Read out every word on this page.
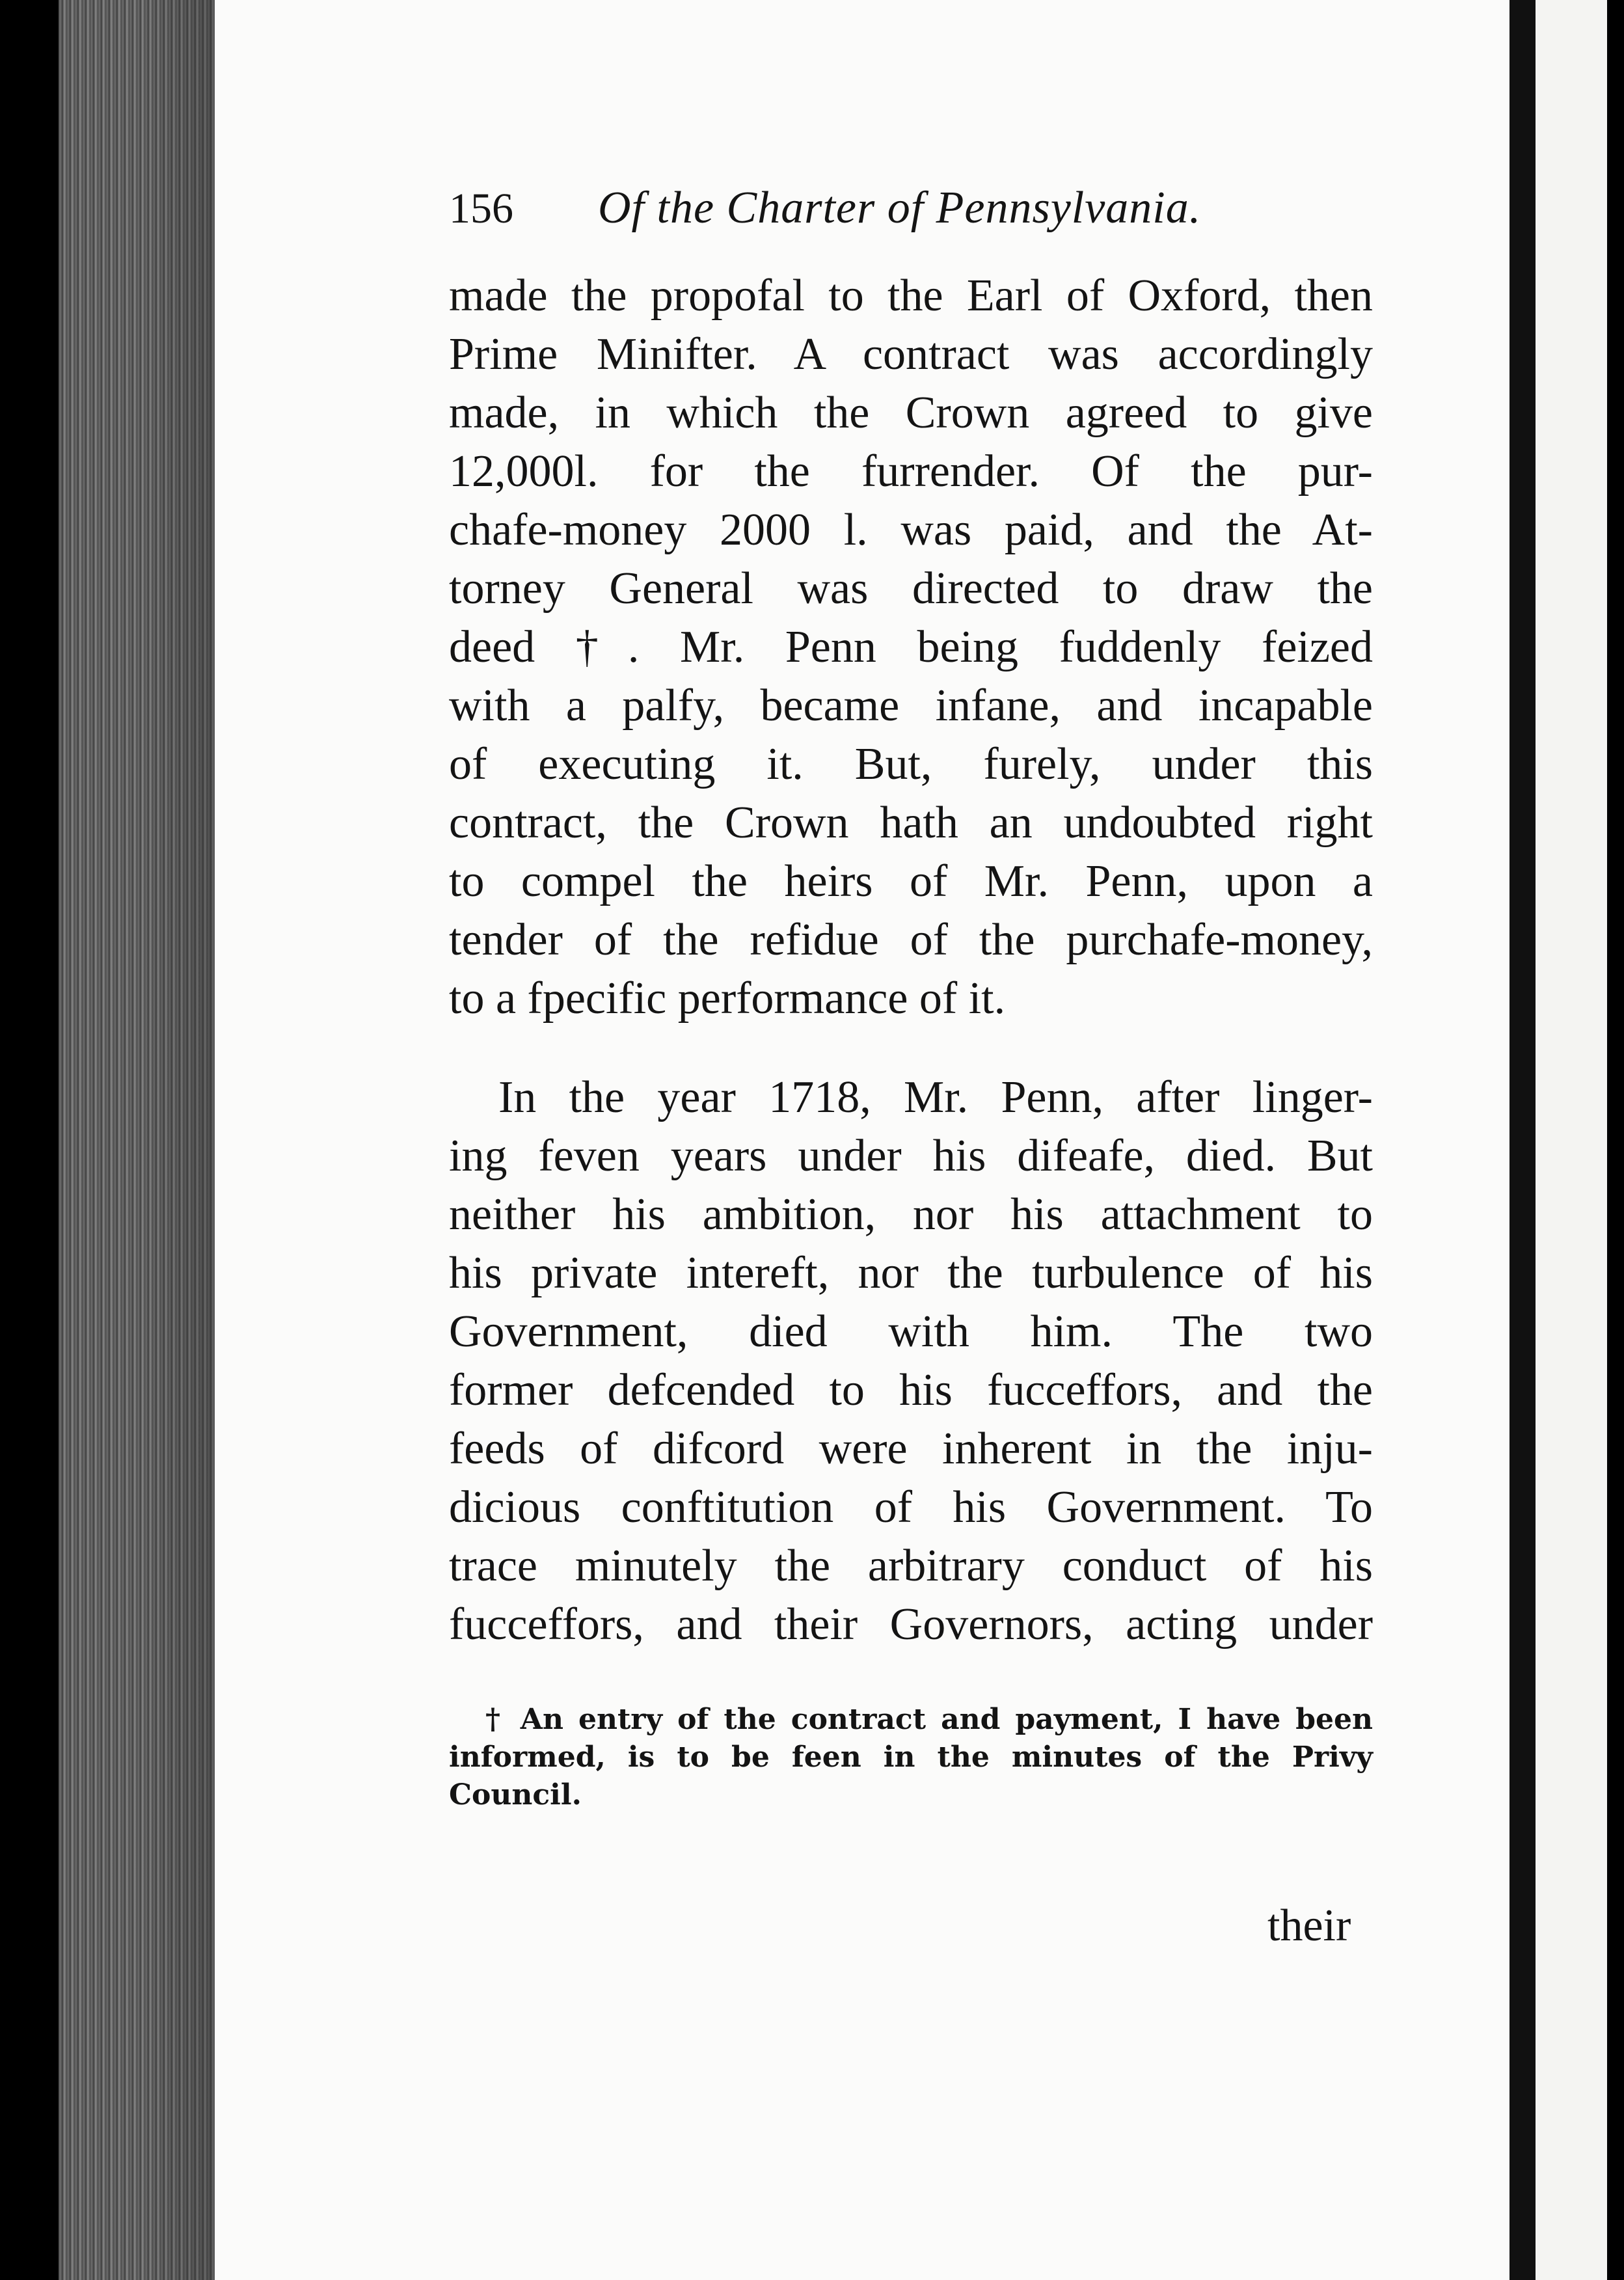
156 Of the Charter of Pennsylvania.
made the propofal to the Earl of Oxford, then
Prime Minifter. A contract was accordingly
made, in which the Crown agreed to give
12,000l. for the furrender. Of the pur-
chafe-money 2000 l. was paid, and the At-
torney General was directed to draw the
deed †. Mr. Penn being fuddenly feized
with a palfy, became infane, and incapable
of executing it. But, furely, under this
contract, the Crown hath an undoubted right
to compel the heirs of Mr. Penn, upon a
tender of the refidue of the purchafe-money,
to a fpecific performance of it.
In the year 1718, Mr. Penn, after linger-
ing feven years under his difeafe, died. But
neither his ambition, nor his attachment to
his private intereft, nor the turbulence of his
Government, died with him. The two
former defcended to his fucceffors, and the
feeds of difcord were inherent in the inju-
dicious conftitution of his Government. To
trace minutely the arbitrary conduct of his
fucceffors, and their Governors, acting under
† An entry of the contract and payment, I have been
informed, is to be feen in the minutes of the Privy
Council.
their
